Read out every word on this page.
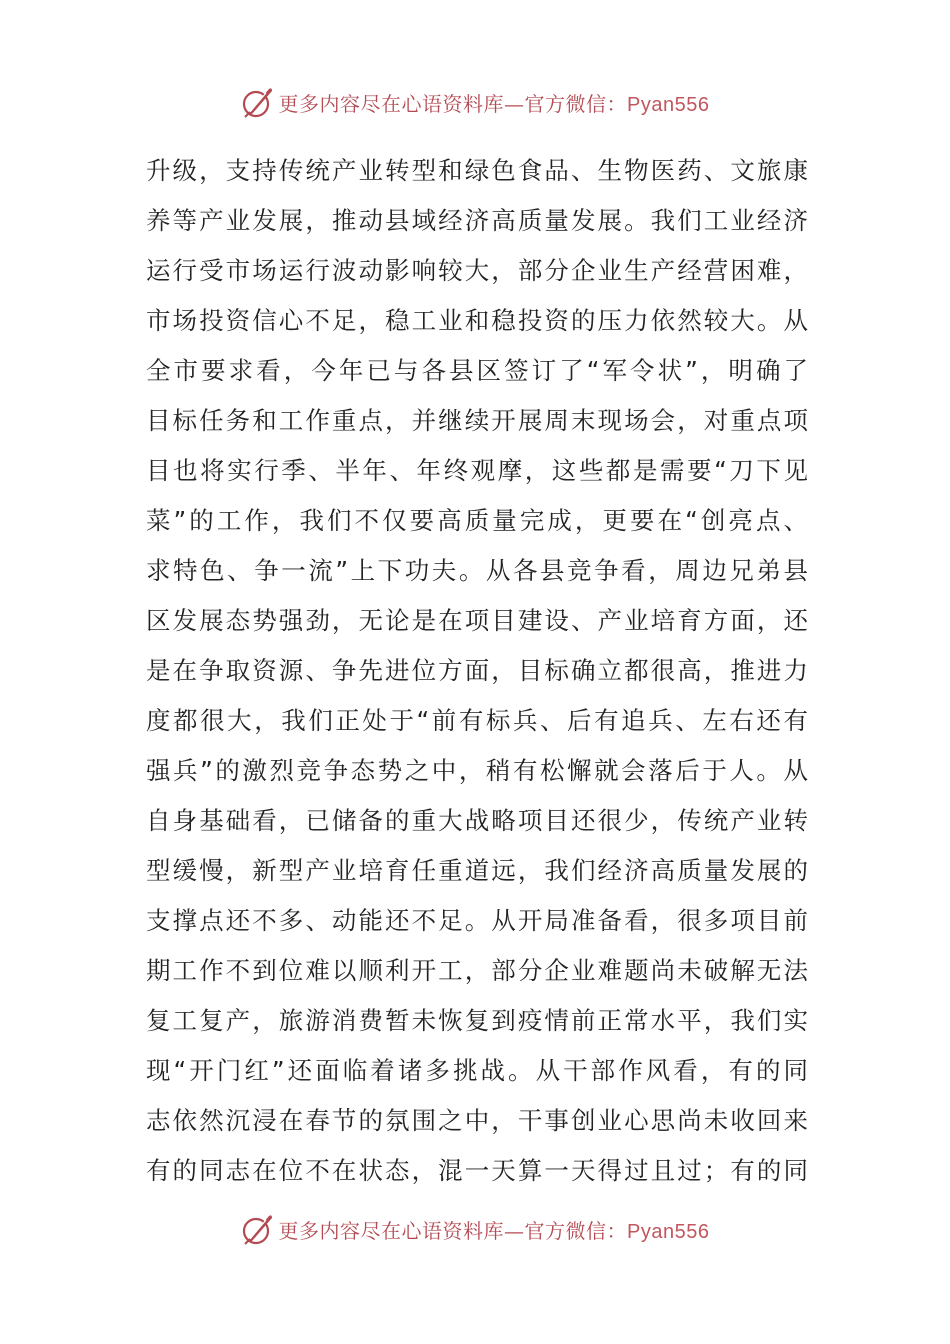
更多内容尽在心语资料库—官方微信：Pyan556
升级，支持传统产业转型和绿色食品、生物医药、文旅康
养等产业发展，推动县域经济高质量发展。我们工业经济
运行受市场运行波动影响较大，部分企业生产经营困难，
市场投资信心不足，稳工业和稳投资的压力依然较大。从
全市要求看，今年已与各县区签订了“军令状”，明确了
目标任务和工作重点，并继续开展周末现场会，对重点项
目也将实行季、半年、年终观摩，这些都是需要“刀下见
菜”的工作，我们不仅要高质量完成，更要在“创亮点、
求特色、争一流”上下功夫。从各县竞争看，周边兄弟县
区发展态势强劲，无论是在项目建设、产业培育方面，还
是在争取资源、争先进位方面，目标确立都很高，推进力
度都很大，我们正处于“前有标兵、后有追兵、左右还有
强兵”的激烈竞争态势之中，稍有松懈就会落后于人。从
自身基础看，已储备的重大战略项目还很少，传统产业转
型缓慢，新型产业培育任重道远，我们经济高质量发展的
支撑点还不多、动能还不足。从开局准备看，很多项目前
期工作不到位难以顺利开工，部分企业难题尚未破解无法
复工复产，旅游消费暂未恢复到疫情前正常水平，我们实
现“开门红”还面临着诸多挑战。从干部作风看，有的同
志依然沉浸在春节的氛围之中，干事创业心思尚未收回来
有的同志在位不在状态，混一天算一天得过且过；有的同
更多内容尽在心语资料库—官方微信：Pyan556
